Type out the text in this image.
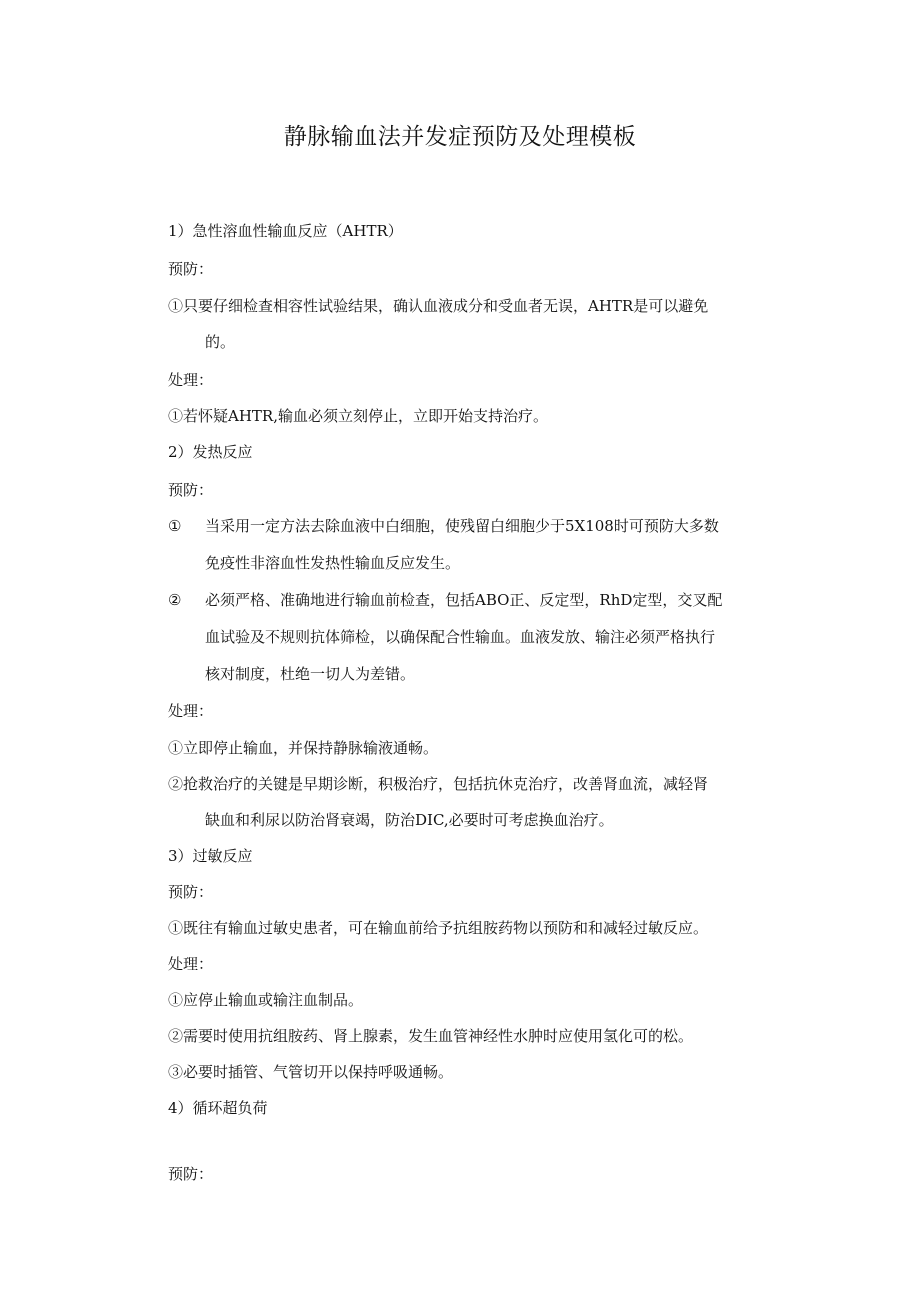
静脉输血法并发症预防及处理模板
1）急性溶血性输血反应（AHTR）
预防：
①只要仔细检查相容性试验结果，确认血液成分和受血者无误，AHTR是可以避免
的。
处理：
①若怀疑AHTR,输血必须立刻停止，立即开始支持治疗。
2）发热反应
预防：
① 当采用一定方法去除血液中白细胞，使残留白细胞少于5X108时可预防大多数
免疫性非溶血性发热性输血反应发生。
② 必须严格、准确地进行输血前检查，包括ABO正、反定型，RhD定型，交叉配
血试验及不规则抗体筛检，以确保配合性输血。血液发放、输注必须严格执行
核对制度，杜绝一切人为差错。
处理：
①立即停止输血，并保持静脉输液通畅。
②抢救治疗的关键是早期诊断，积极治疗，包括抗休克治疗，改善肾血流，减轻肾
缺血和利尿以防治肾衰竭，防治DIC,必要时可考虑换血治疗。
3）过敏反应
预防：
①既往有输血过敏史患者，可在输血前给予抗组胺药物以预防和和减轻过敏反应。
处理：
①应停止输血或输注血制品。
②需要时使用抗组胺药、肾上腺素，发生血管神经性水肿时应使用氢化可的松。
③必要时插管、气管切开以保持呼吸通畅。
4）循环超负荷
预防：
